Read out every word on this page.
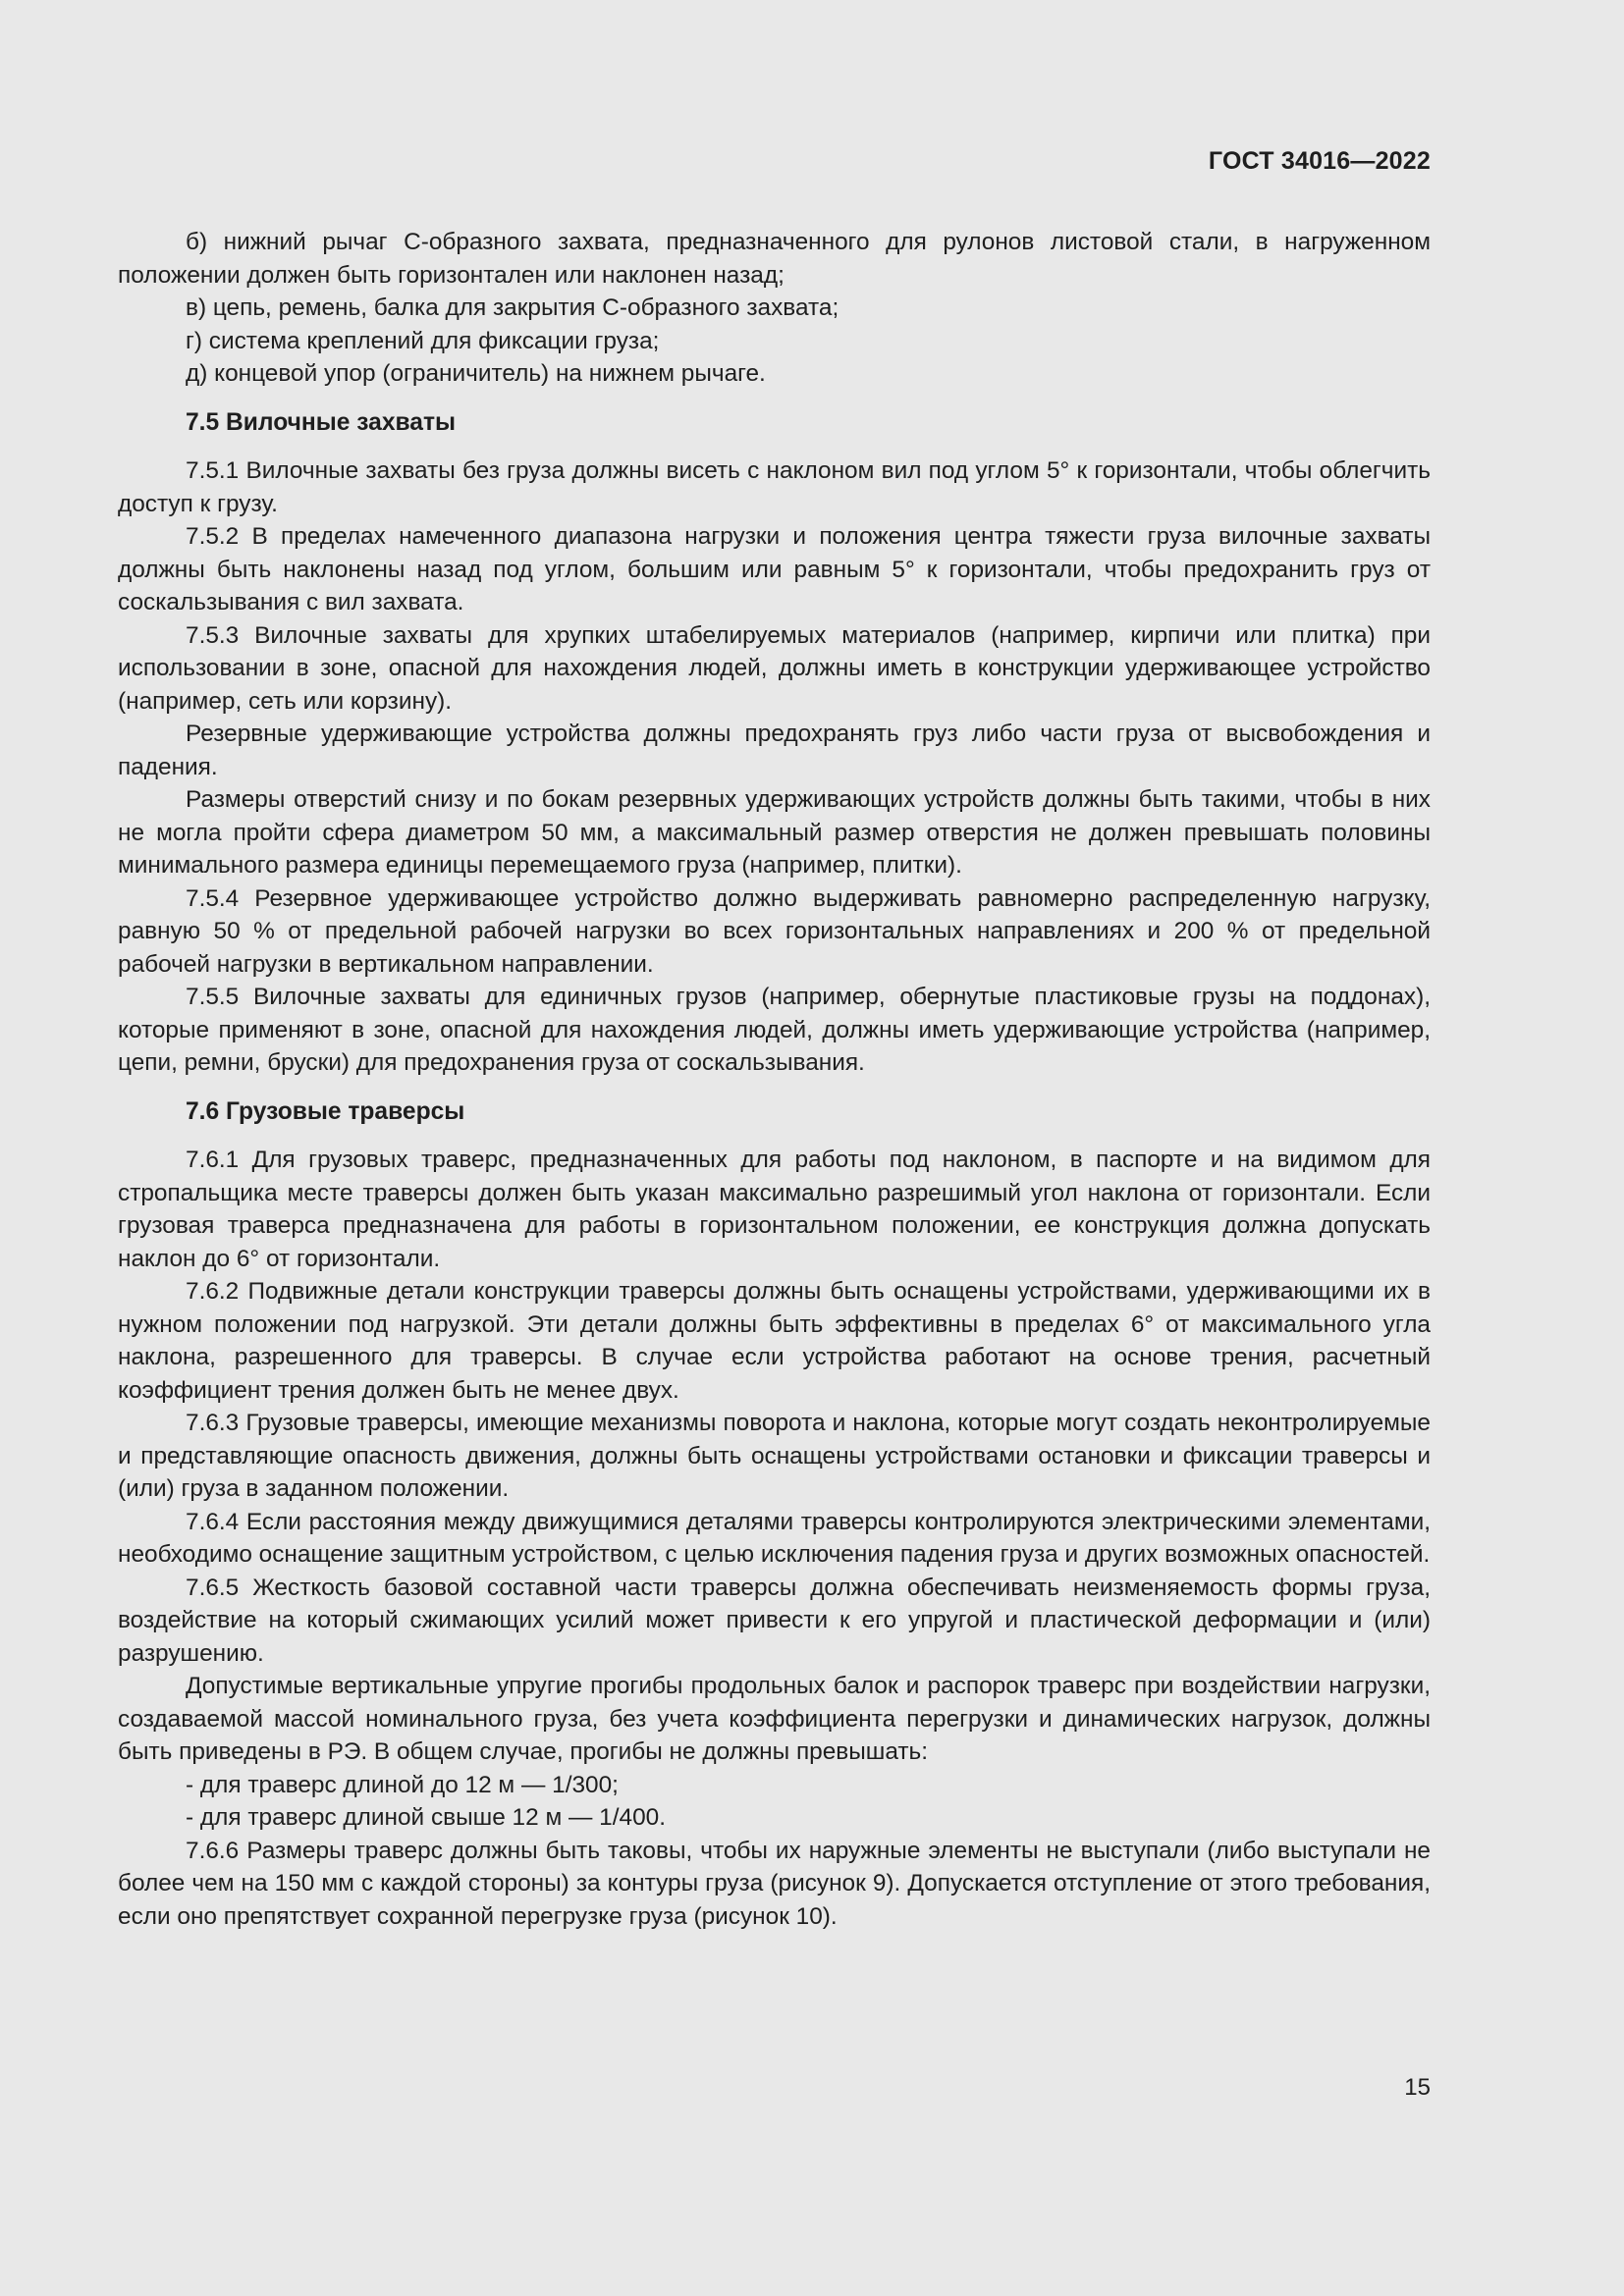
ГОСТ 34016—2022

б) нижний рычаг С-образного захвата, предназначенного для рулонов листовой стали, в нагруженном положении должен быть горизонтален или наклонен назад;

в) цепь, ремень, балка для закрытия С-образного захвата;

г) система креплений для фиксации груза;

д) концевой упор (ограничитель) на нижнем рычаге.

7.5 Вилочные захваты

7.5.1 Вилочные захваты без груза должны висеть с наклоном вил под углом 5° к горизонтали, чтобы облегчить доступ к грузу.

7.5.2 В пределах намеченного диапазона нагрузки и положения центра тяжести груза вилочные захваты должны быть наклонены назад под углом, большим или равным 5° к горизонтали, чтобы предохранить груз от соскальзывания с вил захвата.

7.5.3 Вилочные захваты для хрупких штабелируемых материалов (например, кирпичи или плитка) при использовании в зоне, опасной для нахождения людей, должны иметь в конструкции удерживающее устройство (например, сеть или корзину).

Резервные удерживающие устройства должны предохранять груз либо части груза от высвобождения и падения.

Размеры отверстий снизу и по бокам резервных удерживающих устройств должны быть такими, чтобы в них не могла пройти сфера диаметром 50 мм, а максимальный размер отверстия не должен превышать половины минимального размера единицы перемещаемого груза (например, плитки).

7.5.4 Резервное удерживающее устройство должно выдерживать равномерно распределенную нагрузку, равную 50 % от предельной рабочей нагрузки во всех горизонтальных направлениях и 200 % от предельной рабочей нагрузки в вертикальном направлении.

7.5.5 Вилочные захваты для единичных грузов (например, обернутые пластиковые грузы на поддонах), которые применяют в зоне, опасной для нахождения людей, должны иметь удерживающие устройства (например, цепи, ремни, бруски) для предохранения груза от соскальзывания.

7.6 Грузовые траверсы

7.6.1 Для грузовых траверс, предназначенных для работы под наклоном, в паспорте и на видимом для стропальщика месте траверсы должен быть указан максимально разрешимый угол наклона от горизонтали. Если грузовая траверса предназначена для работы в горизонтальном положении, ее конструкция должна допускать наклон до 6° от горизонтали.

7.6.2 Подвижные детали конструкции траверсы должны быть оснащены устройствами, удерживающими их в нужном положении под нагрузкой. Эти детали должны быть эффективны в пределах 6° от максимального угла наклона, разрешенного для траверсы. В случае если устройства работают на основе трения, расчетный коэффициент трения должен быть не менее двух.

7.6.3 Грузовые траверсы, имеющие механизмы поворота и наклона, которые могут создать неконтролируемые и представляющие опасность движения, должны быть оснащены устройствами остановки и фиксации траверсы и (или) груза в заданном положении.

7.6.4 Если расстояния между движущимися деталями траверсы контролируются электрическими элементами, необходимо оснащение защитным устройством, с целью исключения падения груза и других возможных опасностей.

7.6.5 Жесткость базовой составной части траверсы должна обеспечивать неизменяемость формы груза, воздействие на который сжимающих усилий может привести к его упругой и пластической деформации и (или) разрушению.

Допустимые вертикальные упругие прогибы продольных балок и распорок траверс при воздействии нагрузки, создаваемой массой номинального груза, без учета коэффициента перегрузки и динамических нагрузок, должны быть приведены в РЭ. В общем случае, прогибы не должны превышать:

- для траверс длиной до 12 м — 1/300;

- для траверс длиной свыше 12 м — 1/400.

7.6.6 Размеры траверс должны быть таковы, чтобы их наружные элементы не выступали (либо выступали не более чем на 150 мм с каждой стороны) за контуры груза (рисунок 9). Допускается отступление от этого требования, если оно препятствует сохранной перегрузке груза (рисунок 10).

15
